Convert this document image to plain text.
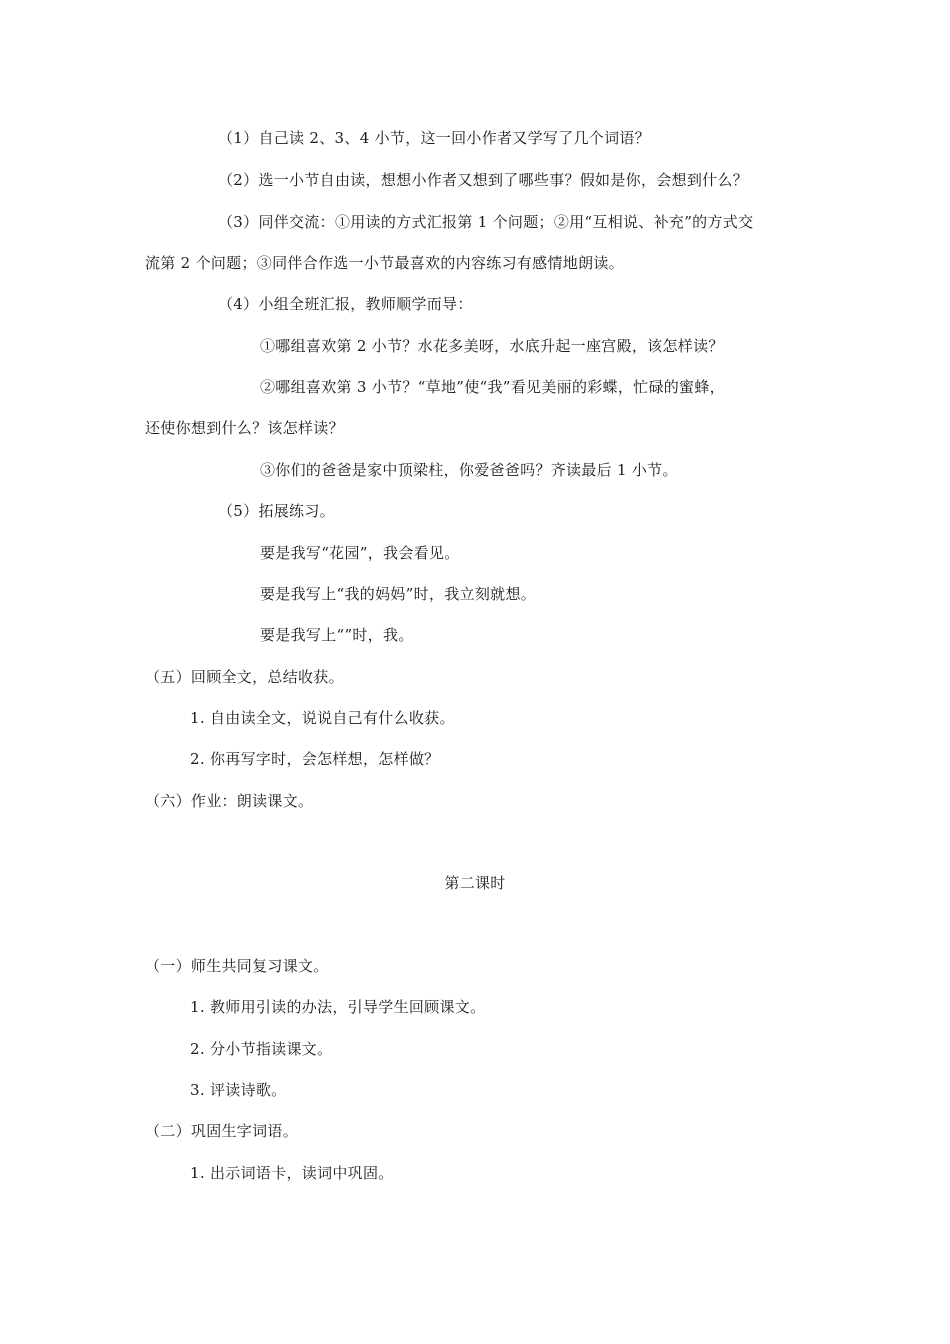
（1）自己读 2、3、4 小节，这一回小作者又学写了几个词语？
（2）选一小节自由读，想想小作者又想到了哪些事？假如是你，会想到什么？
（3）同伴交流：①用读的方式汇报第 1 个问题；②用“互相说、补充”的方式交
流第 2 个问题；③同伴合作选一小节最喜欢的内容练习有感情地朗读。
（4）小组全班汇报，教师顺学而导：
①哪组喜欢第 2 小节？水花多美呀，水底升起一座宫殿，该怎样读？
②哪组喜欢第 3 小节？“草地”使“我”看见美丽的彩蝶，忙碌的蜜蜂，
还使你想到什么？该怎样读？
③你们的爸爸是家中顶梁柱，你爱爸爸吗？齐读最后 1 小节。
（5）拓展练习。
要是我写“花园”，我会看见。
要是我写上“我的妈妈”时，我立刻就想。
要是我写上“”时，我。
（五）回顾全文，总结收获。
1. 自由读全文，说说自己有什么收获。
2. 你再写字时，会怎样想，怎样做？
（六）作业：朗读课文。
第二课时
（一）师生共同复习课文。
1. 教师用引读的办法，引导学生回顾课文。
2. 分小节指读课文。
3. 评读诗歌。
（二）巩固生字词语。
1. 出示词语卡，读词中巩固。
